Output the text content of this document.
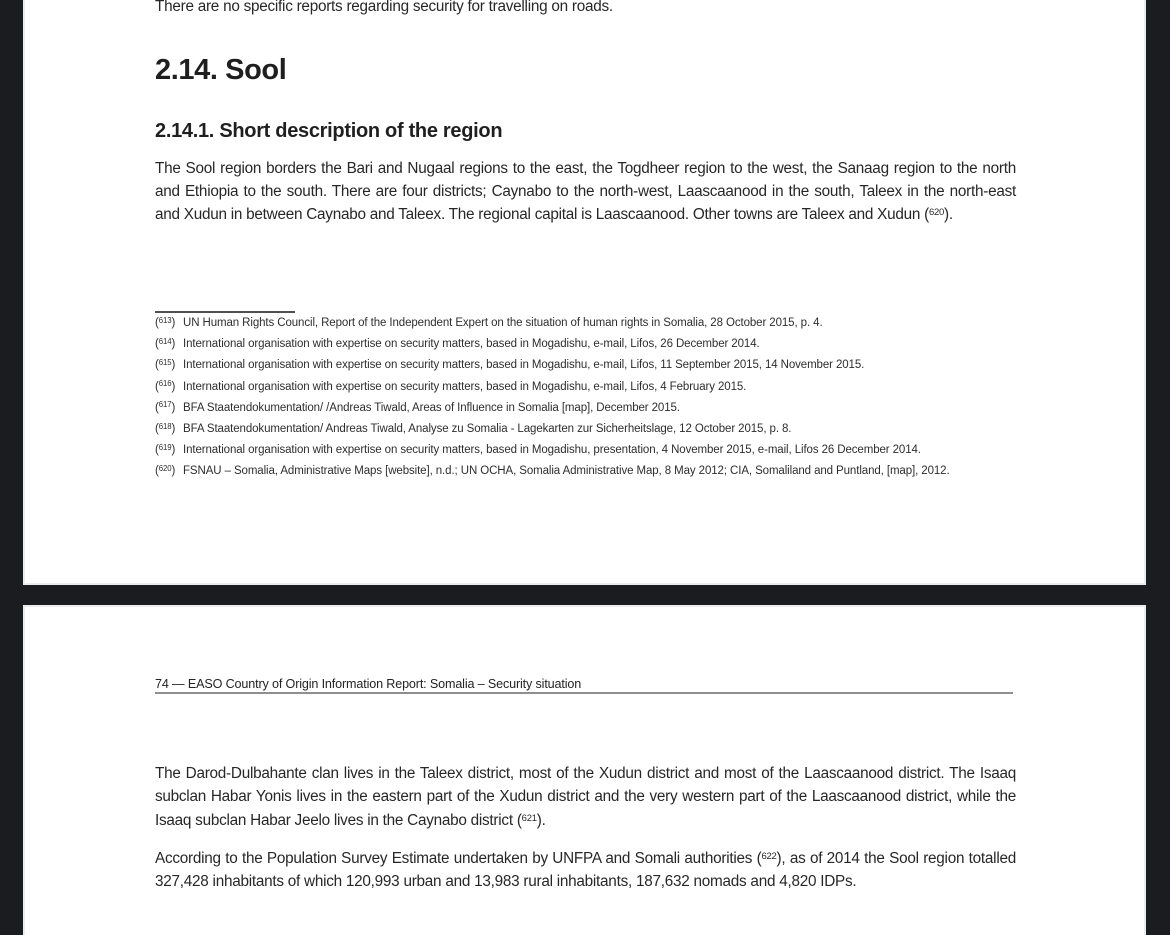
There are no specific reports regarding security for travelling on roads.

2.14. Sool
2.14.1. Short description of the region

The Sool region borders the Bari and Nugaal regions to the east, the Togdheer region to the west, the Sanaag region to the north and Ethiopia to the south. There are four districts; Caynabo to the north-west, Laascaanood in the south, Taleex in the north-east and Xudun in between Caynabo and Taleex. The regional capital is Laascaanood. Other towns are Taleex and Xudun ($^{620}$).

($^{613}$) UN Human Rights Council, Report of the Independent Expert on the situation of human rights in Somalia, 28 October 2015, p. 4.
($^{614}$) International organisation with expertise on security matters, based in Mogadishu, e-mail, Lifos, 26 December 2014.
($^{615}$) International organisation with expertise on security matters, based in Mogadishu, e-mail, Lifos, 11 September 2015, 14 November 2015.
($^{616}$) International organisation with expertise on security matters, based in Mogadishu, e-mail, Lifos, 4 February 2015.
($^{617}$) BFA Staatendokumentation/ /Andreas Tiwald, Areas of Influence in Somalia [map], December 2015.
($^{618}$) BFA Staatendokumentation/ Andreas Tiwald, Analyse zu Somalia - Lagekarten zur Sicherheitslage, 12 October 2015, p. 8.
($^{619}$) International organisation with expertise on security matters, based in Mogadishu, presentation, 4 November 2015, e-mail, Lifos 26 December 2014.
($^{620}$) FSNAU – Somalia, Administrative Maps [website], n.d.; UN OCHA, Somalia Administrative Map, 8 May 2012; CIA, Somaliland and Puntland, [map], 2012.
74 — EASO Country of Origin Information Report: Somalia – Security situation

The Darod-Dulbahante clan lives in the Taleex district, most of the Xudun district and most of the Laascaanood district. The Isaaq subclan Habar Yonis lives in the eastern part of the Xudun district and the very western part of the Laascaanood district, while the Isaaq subclan Habar Jeelo lives in the Caynabo district ($^{621}$).

According to the Population Survey Estimate undertaken by UNFPA and Somali authorities ($^{622}$), as of 2014 the Sool region totalled 327,428 inhabitants of which 120,993 urban and 13,983 rural inhabitants, 187,632 nomads and 4,820 IDPs.
